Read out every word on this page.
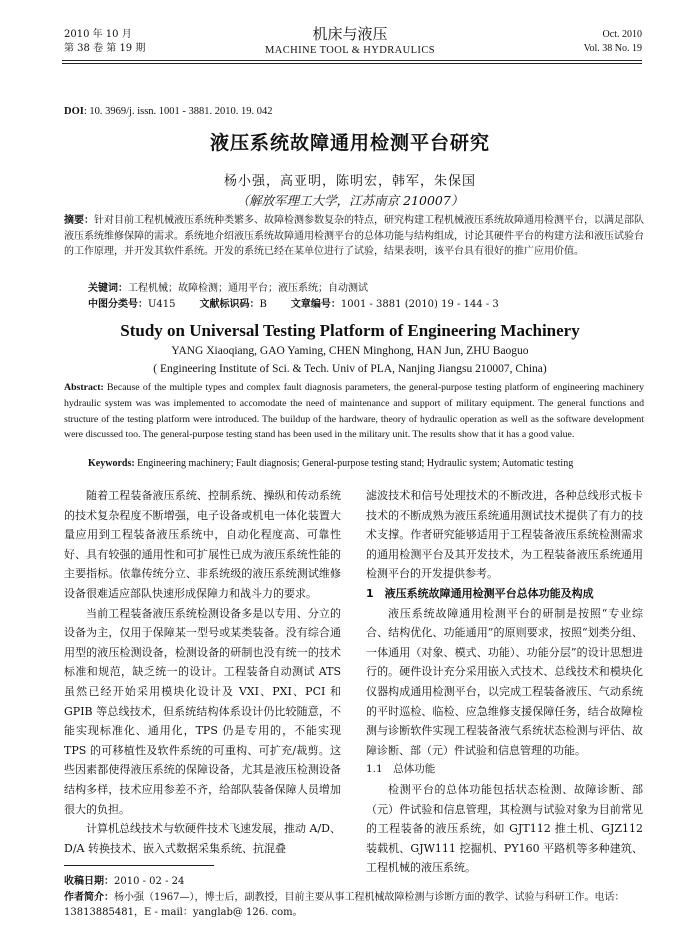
2010 年 10 月
第 38 卷 第 19 期
机床与液压
MACHINE TOOL & HYDRAULICS
Oct. 2010
Vol. 38 No. 19
DOI: 10. 3969/j. issn. 1001 - 3881. 2010. 19. 042
液压系统故障通用检测平台研究
杨小强，高亚明，陈明宏，韩军，朱保国
（解放军理工大学，江苏南京 210007）
摘要：针对目前工程机械液压系统种类繁多、故障检测参数复杂的特点，研究构建工程机械液压系统故障通用检测平台，以满足部队液压系统维修保障的需求。系统地介绍液压系统故障通用检测平台的总体功能与结构组成，讨论其硬件平台的构建方法和液压试验台的工作原理，并开发其软件系统。开发的系统已经在某单位进行了试验，结果表明，该平台具有很好的推广应用价值。
关键词：工程机械；故障检测；通用平台；液压系统；自动测试
中图分类号：U415 文献标识码：B 文章编号：1001 - 3881 (2010) 19 - 144 - 3
Study on Universal Testing Platform of Engineering Machinery
YANG Xiaoqiang, GAO Yaming, CHEN Minghong, HAN Jun, ZHU Baoguo
( Engineering Institute of Sci. & Tech. Univ of PLA, Nanjing Jiangsu 210007, China)
Abstract: Because of the multiple types and complex fault diagnosis parameters, the general-purpose testing platform of engineering machinery hydraulic system was was implemented to accomodate the need of maintenance and support of military equipment. The general functions and structure of the testing platform were introduced. The buildup of the hardware, theory of hydraulic operation as well as the software development were discussed too. The general-purpose testing stand has been used in the military unit. The results show that it has a good value.
Keywords: Engineering machinery; Fault diagnosis; General-purpose testing stand; Hydraulic system; Automatic testing

随着工程装备液压系统、控制系统、操纵和传动系统的技术复杂程度不断增强，电子设备或机电一体化装置大量应用到工程装备液压系统中，自动化程度高、可靠性好、具有较强的通用性和可扩展性已成为液压系统性能的主要指标。依靠传统分立、非系统级的液压系统测试维修设备很难适应部队快速形成保障力和战斗力的要求。

当前工程装备液压系统检测设备多是以专用、分立的设备为主，仅用于保障某一型号或某类装备。没有综合通用型的液压检测设备，检测设备的研制也没有统一的技术标准和规范，缺乏统一的设计。工程装备自动测试 ATS 虽然已经开始采用模块化设计及 VXI、PXI、PCI 和 GPIB 等总线技术，但系统结构体系设计仍比较随意，不能实现标准化、通用化，TPS 仍是专用的，不能实现 TPS 的可移植性及软件系统的可重构、可扩充/裁剪。这些因素都使得液压系统的保障设备，尤其是液压检测设备结构多样，技术应用参差不齐，给部队装备保障人员增加很大的负担。

计算机总线技术与软硬件技术飞速发展，推动 A/D、D/A 转换技术、嵌入式数据采集系统、抗混叠

滤波技术和信号处理技术的不断改进，各种总线形式板卡技术的不断成熟为液压系统通用测试技术提供了有力的技术支撑。作者研究能够适用于工程装备液压系统检测需求的通用检测平台及其开发技术，为工程装备液压系统通用检测平台的开发提供参考。

1　液压系统故障通用检测平台总体功能及构成

液压系统故障通用检测平台的研制是按照“专业综合、结构优化、功能通用”的原则要求，按照“划类分组、一体通用（对象、模式、功能）、功能分层”的设计思想进行的。硬件设计充分采用嵌入式技术、总线技术和模块化仪器构成通用检测平台，以完成工程装备液压、气动系统的平时巡检、临检、应急维修支援保障任务，结合故障检测与诊断软件实现工程装备液气系统状态检测与评估、故障诊断、部（元）件试验和信息管理的功能。

1.1　总体功能

检测平台的总体功能包括状态检测、故障诊断、部（元）件试验和信息管理，其检测与试验对象为目前常见的工程装备的液压系统，如 GJT112 推土机、GJZ112 装载机、GJW111 挖掘机、PY160 平路机等多种建筑、工程机械的液压系统。

收稿日期：2010 - 02 - 24
作者简介：杨小强（1967—），博士后，副教授，目前主要从事工程机械故障检测与诊断方面的教学、试验与科研工作。电话：13813885481，E - mail：yanglab@ 126. com。
